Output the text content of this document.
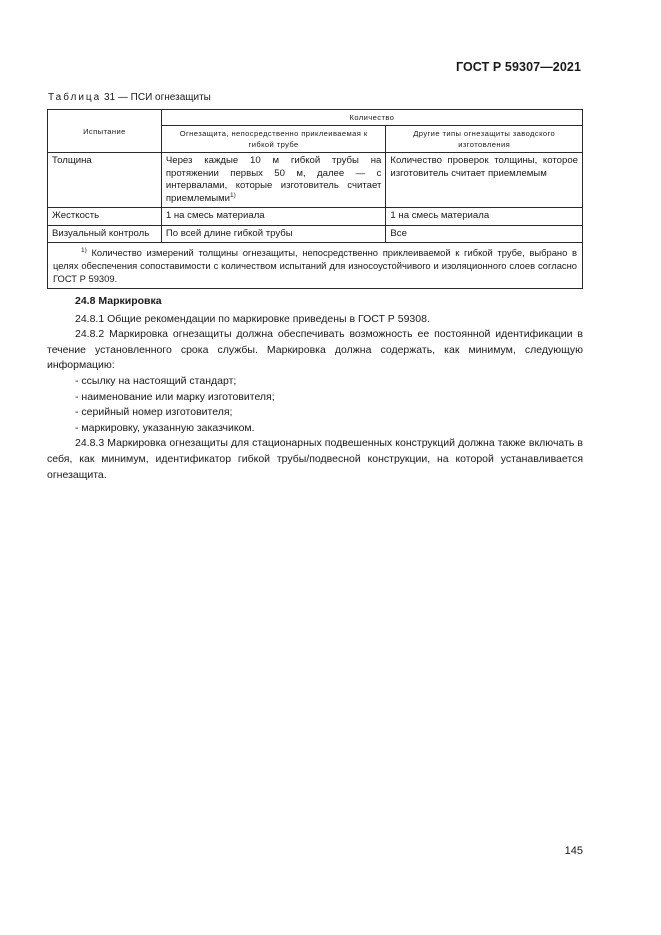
ГОСТ Р 59307—2021
Таблица 31 — ПСИ огнезащиты
Испытание	Количество	
	Огнезащита, непосредственно приклеиваемая к гибкой трубе	Другие типы огнезащиты заводского изготовления
Толщина	Через каждые 10 м гибкой трубы на протяжении первых 50 м, далее — с интервалами, которые изготовитель считает приемлемыми$^{1)}$	Количество проверок толщины, которое изготовитель считает приемлемым
Жесткость	1 на смесь материала	1 на смесь материала
Визуальный контроль	По всей длине гибкой трубы	Все
$^{1)}$ Количество измерений толщины огнезащиты, непосредственно приклеиваемой к гибкой трубе, выбрано в целях обеспечения сопоставимости с количеством испытаний для износоустойчивого и изоляционного слоев согласно ГОСТ Р 59309.		

24.8 Маркировка

24.8.1 Общие рекомендации по маркировке приведены в ГОСТ Р 59308.

24.8.2 Маркировка огнезащиты должна обеспечивать возможность ее постоянной идентификации в течение установленного срока службы. Маркировка должна содержать, как минимум, следующую информацию:

- ссылку на настоящий стандарт;

- наименование или марку изготовителя;

- серийный номер изготовителя;

- маркировку, указанную заказчиком.

24.8.3 Маркировка огнезащиты для стационарных подвешенных конструкций должна также включать в себя, как минимум, идентификатор гибкой трубы/подвесной конструкции, на которой устанавливается огнезащита.

145
